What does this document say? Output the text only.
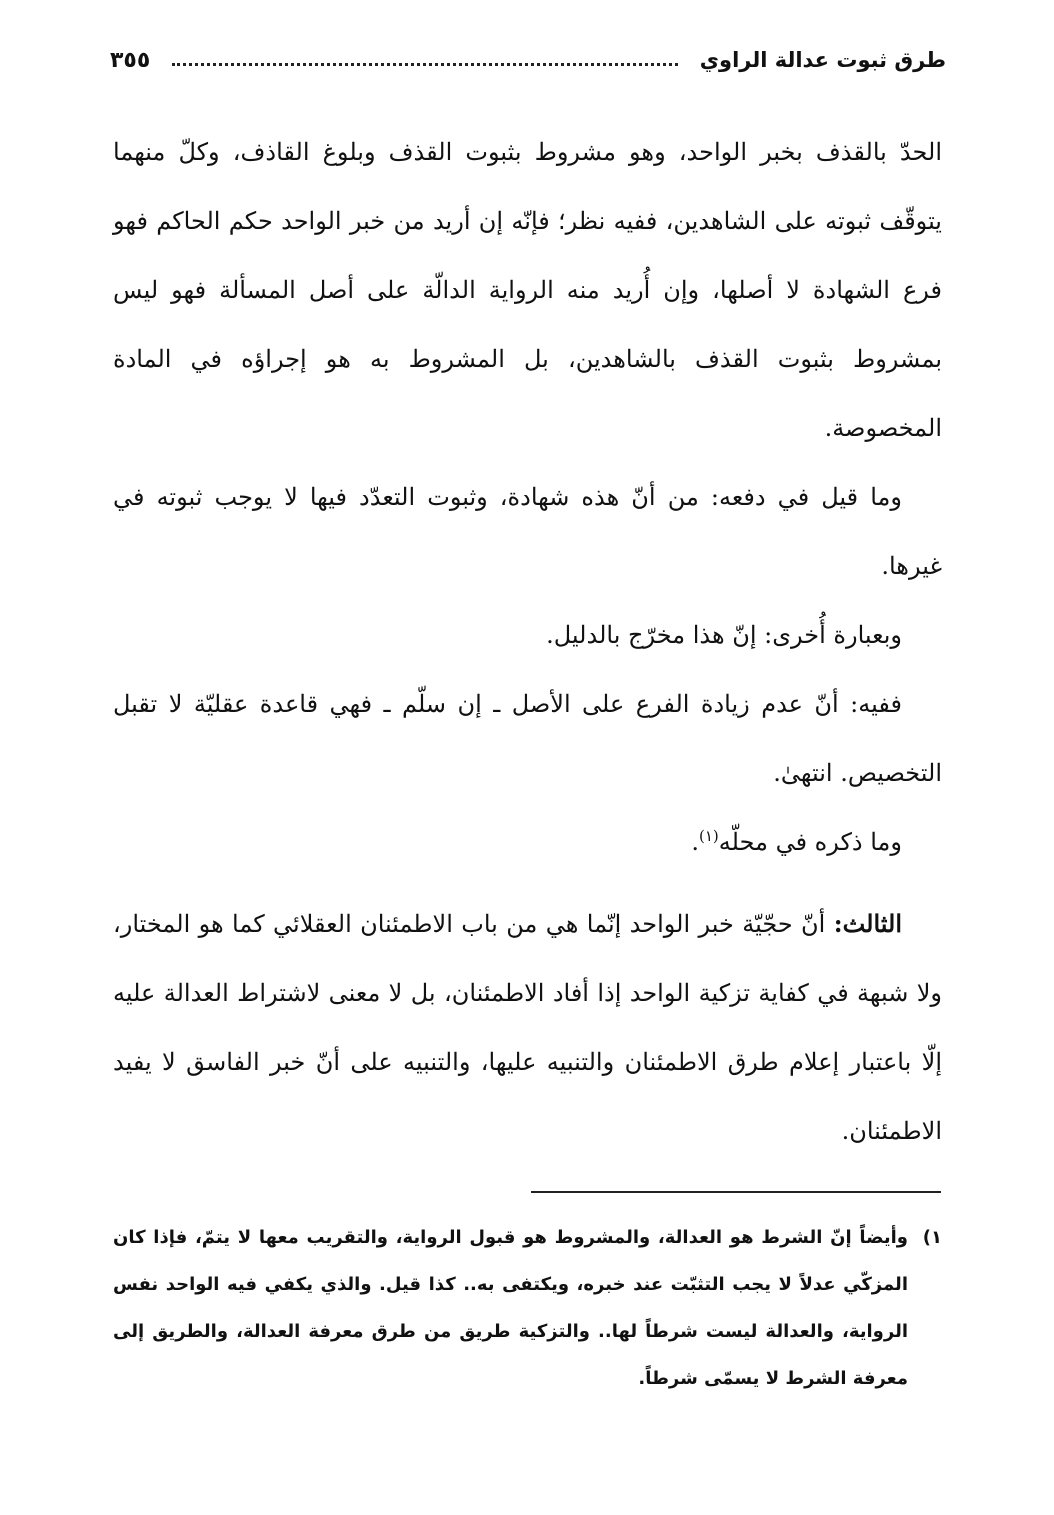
طرق ثبوت عدالة الراوي
٣٥٥

الحدّ بالقذف بخبر الواحد، وهو مشروط بثبوت القذف وبلوغ القاذف، وكلّ منهما يتوقّف ثبوته على الشاهدين، ففيه نظر؛ فإنّه إن أريد من خبر الواحد حكم الحاكم فهو فرع الشهادة لا أصلها، وإن أُريد منه الرواية الدالّة على أصل المسألة فهو ليس بمشروط بثبوت القذف بالشاهدين، بل المشروط به هو إجراؤه في المادة المخصوصة.

وما قيل في دفعه: من أنّ هذه شهادة، وثبوت التعدّد فيها لا يوجب ثبوته في غيرها.

وبعبارة أُخرى: إنّ هذا مخرّج بالدليل.

ففيه: أنّ عدم زيادة الفرع على الأصل ـ إن سلّم ـ فهي قاعدة عقليّة لا تقبل التخصيص. انتهىٰ.

وما ذكره في محلّه$^{(١)}$.

الثالث: أنّ حجّيّة خبر الواحد إنّما هي من باب الاطمئنان العقلائي كما هو المختار، ولا شبهة في كفاية تزكية الواحد إذا أفاد الاطمئنان، بل لا معنى لاشتراط العدالة عليه إلّا باعتبار إعلام طرق الاطمئنان والتنبيه عليها، والتنبيه على أنّ خبر الفاسق لا يفيد الاطمئنان.

١)
وأيضاً إنّ الشرط هو العدالة، والمشروط هو قبول الرواية، والتقريب معها لا يتمّ، فإذا كان المزكّي عدلاً لا يجب التثبّت عند خبره، ويكتفى به.. كذا قيل. والذي يكفي فيه الواحد نفس الرواية، والعدالة ليست شرطاً لها.. والتزكية طريق من طرق معرفة العدالة، والطريق إلى معرفة الشرط لا يسمّى شرطاً.
